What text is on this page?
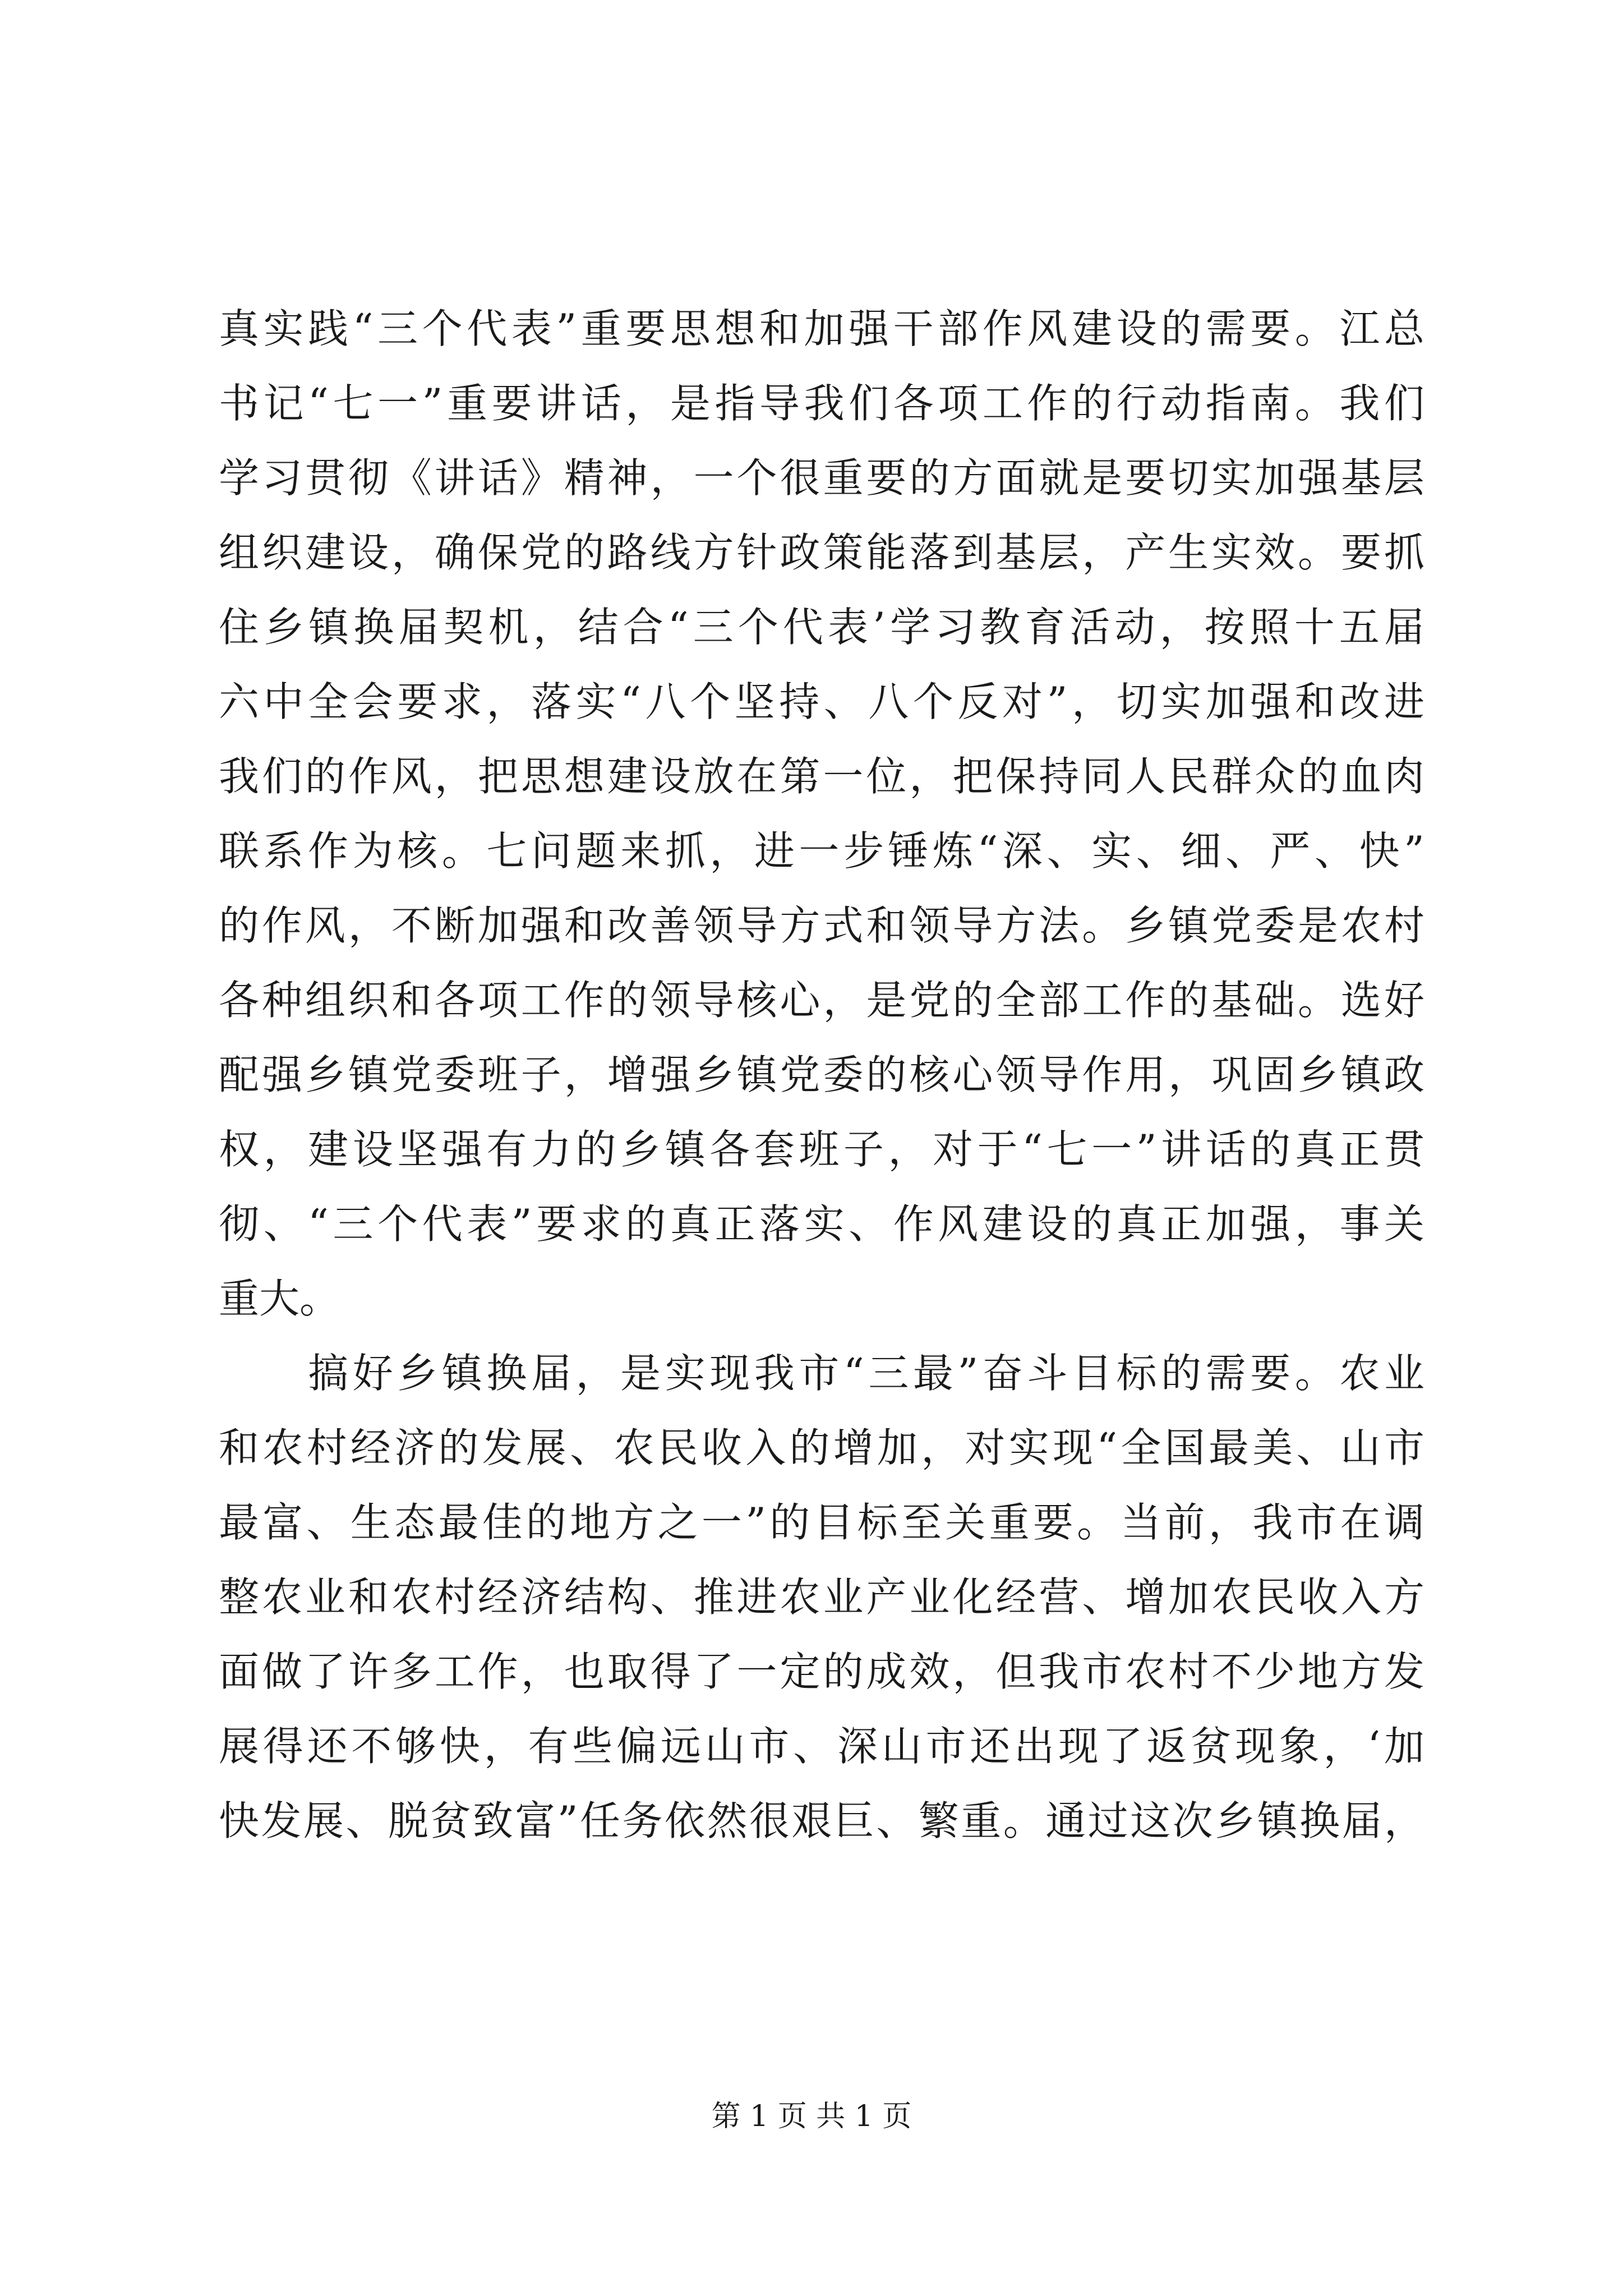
真实践“三个代表”重要思想和加强干部作风建设的需要。江总
书记“七一”重要讲话，是指导我们各项工作的行动指南。我们
学习贯彻《讲话》精神，一个很重要的方面就是要切实加强基层
组织建设，确保党的路线方针政策能落到基层，产生实效。要抓
住乡镇换届契机，结合“三个代表’学习教育活动，按照十五届
六中全会要求，落实“八个坚持、八个反对”，切实加强和改进
我们的作风，把思想建设放在第一位，把保持同人民群众的血肉
联系作为核。七问题来抓，进一步锤炼“深、实、细、严、快”
的作风，不断加强和改善领导方式和领导方法。乡镇党委是农村
各种组织和各项工作的领导核心，是党的全部工作的基础。选好
配强乡镇党委班子，增强乡镇党委的核心领导作用，巩固乡镇政
权，建设坚强有力的乡镇各套班子，对于“七一”讲话的真正贯
彻、“三个代表”要求的真正落实、作风建设的真正加强，事关
重大。
　　搞好乡镇换届，是实现我市“三最”奋斗目标的需要。农业
和农村经济的发展、农民收入的增加，对实现“全国最美、山市
最富、生态最佳的地方之一”的目标至关重要。当前，我市在调
整农业和农村经济结构、推进农业产业化经营、增加农民收入方
面做了许多工作，也取得了一定的成效，但我市农村不少地方发
展得还不够快，有些偏远山市、深山市还出现了返贫现象，‘加
快发展、脱贫致富”任务依然很艰巨、繁重。通过这次乡镇换届，
第 1 页 共 1 页
